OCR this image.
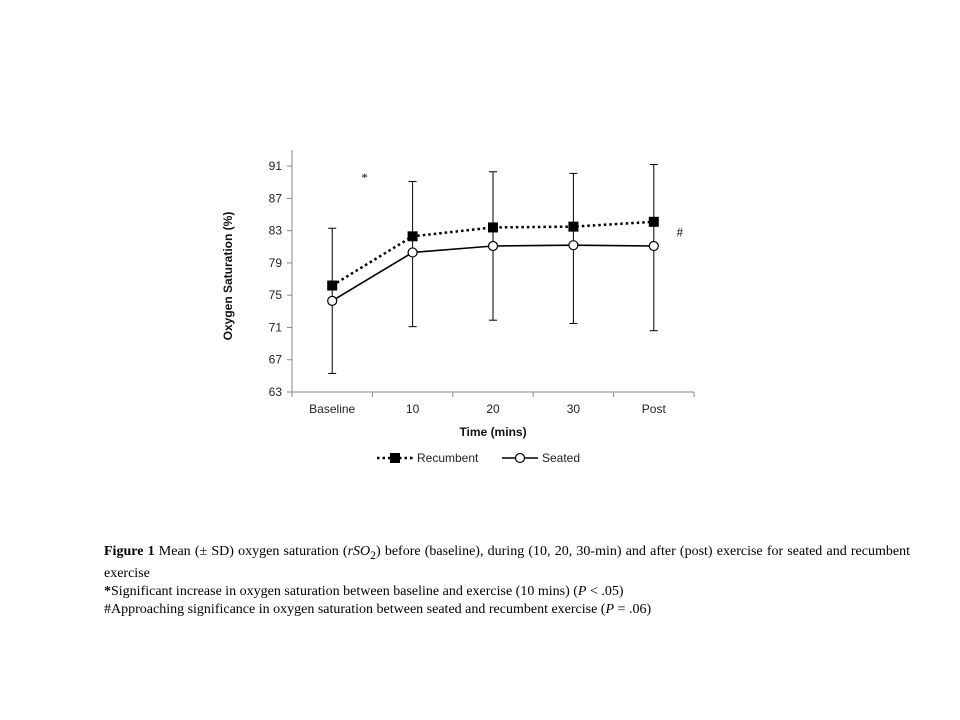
63
67
71
75
79
83
87
91
Baseline	10	20	30	Post
*
#
Oxygen Saturation (%)
Time (mins)
Recumbent	Seated

Figure 1 Mean (± SD) oxygen saturation (rSO$_2$) before (baseline), during (10, 20, 30-min) and after (post) exercise for seated and recumbent exercise

*Significant increase in oxygen saturation between baseline and exercise (10 mins) (P < .05)

#Approaching significance in oxygen saturation between seated and recumbent exercise (P = .06)
